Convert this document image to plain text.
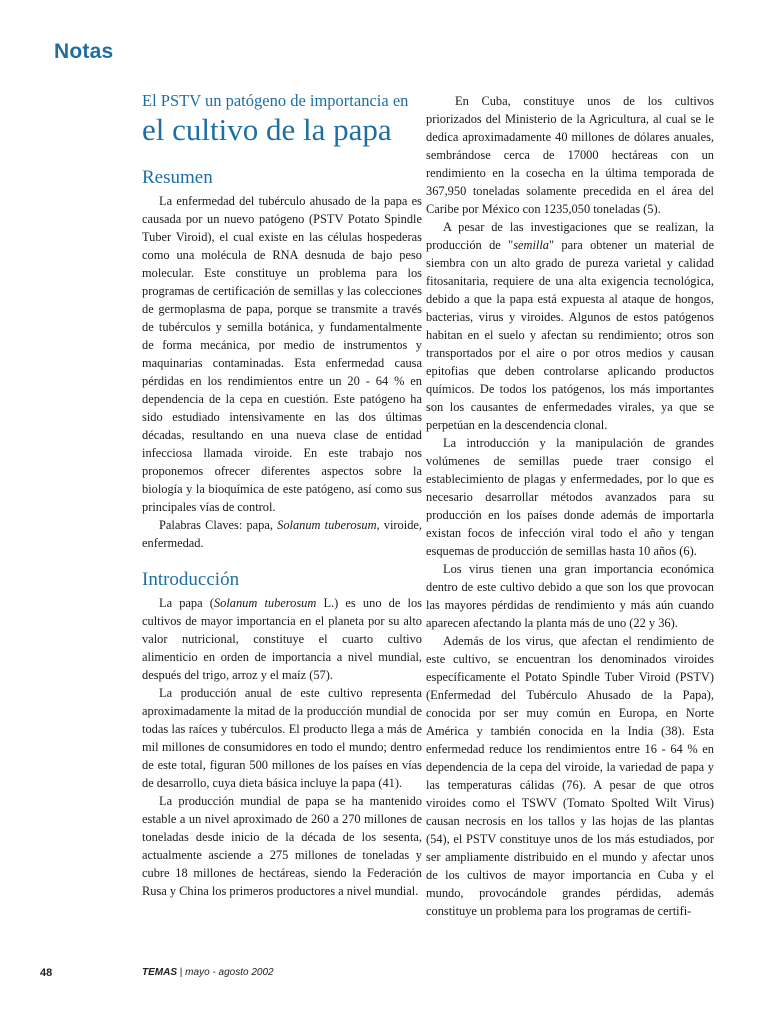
Notas
El PSTV un patógeno de importancia en
el cultivo de la papa
Resumen

La enfermedad del tubérculo ahusado de la papa es causada por un nuevo patógeno (PSTV Potato Spindle Tuber Viroid), el cual existe en las células hospederas como una molécula de RNA desnuda de bajo peso molecular. Este constituye un problema para los programas de certificación de semillas y las colecciones de germoplasma de papa, porque se transmite a través de tubérculos y semilla botánica, y fundamentalmente de forma mecánica, por medio de instrumentos y maquinarias contaminadas. Esta enfermedad causa pérdidas en los rendimientos entre un 20 - 64 % en dependencia de la cepa en cuestión. Este patógeno ha sido estudiado intensivamente en las dos últimas décadas, resultando en una nueva clase de entidad infecciosa llamada viroide. En este trabajo nos proponemos ofrecer diferentes aspectos sobre la biología y la bioquímica de este patógeno, así como sus principales vías de control.

Palabras Claves: papa, Solanum tuberosum, viroide, enfermedad.

Introducción

La papa (Solanum tuberosum L.) es uno de los cultivos de mayor importancia en el planeta por su alto valor nutricional, constituye el cuarto cultivo alimenticio en orden de importancia a nivel mundial, después del trigo, arroz y el maíz (57).

La producción anual de este cultivo representa aproximadamente la mitad de la producción mundial de todas las raíces y tubérculos. El producto llega a más de mil millones de consumidores en todo el mundo; dentro de este total, figuran 500 millones de los países en vías de desarrollo, cuya dieta básica incluye la papa (41).

La producción mundial de papa se ha mantenido estable a un nivel aproximado de 260 a 270 millones de toneladas desde inicio de la década de los sesenta, actualmente asciende a 275 millones de toneladas y cubre 18 millones de hectáreas, siendo la Federación Rusa y China los primeros productores a nivel mundial.

En Cuba, constituye unos de los cultivos priorizados del Ministerio de la Agricultura, al cual se le dedica aproximadamente 40 millones de dólares anuales, sembrándose cerca de 17000 hectáreas con un rendimiento en la cosecha en la última temporada de 367,950 toneladas solamente precedida en el área del Caribe por México con 1235,050 toneladas (5).

A pesar de las investigaciones que se realizan, la producción de "semilla" para obtener un material de siembra con un alto grado de pureza varietal y calidad fitosanitaria, requiere de una alta exigencia tecnológica, debido a que la papa está expuesta al ataque de hongos, bacterias, virus y viroides. Algunos de estos patógenos habitan en el suelo y afectan su rendimiento; otros son transportados por el aire o por otros medios y causan epitofias que deben controlarse aplicando productos químicos. De todos los patógenos, los más importantes son los causantes de enfermedades virales, ya que se perpetúan en la descendencia clonal.

La introducción y la manipulación de grandes volúmenes de semillas puede traer consigo el establecimiento de plagas y enfermedades, por lo que es necesario desarrollar métodos avanzados para su producción en los países donde además de importarla existan focos de infección viral todo el año y tengan esquemas de producción de semillas hasta 10 años (6).

Los virus tienen una gran importancia económica dentro de este cultivo debido a que son los que provocan las mayores pérdidas de rendimiento y más aún cuando aparecen afectando la planta más de uno (22 y 36).

Además de los virus, que afectan el rendimiento de este cultivo, se encuentran los denominados viroides específicamente el Potato Spindle Tuber Viroid (PSTV) (Enfermedad del Tubérculo Ahusado de la Papa), conocida por ser muy común en Europa, en Norte América y también conocida en la India (38). Esta enfermedad reduce los rendimientos entre 16 - 64 % en dependencia de la cepa del viroide, la variedad de papa y las temperaturas cálidas (76). A pesar de que otros viroides como el TSWV (Tomato Spolted Wilt Virus) causan necrosis en los tallos y las hojas de las plantas (54), el PSTV constituye unos de los más estudiados, por ser ampliamente distribuido en el mundo y afectar unos de los cultivos de mayor importancia en Cuba y el mundo, provocándole grandes pérdidas, además constituye un problema para los programas de certifi-

48	TEMAS | mayo - agosto 2002
